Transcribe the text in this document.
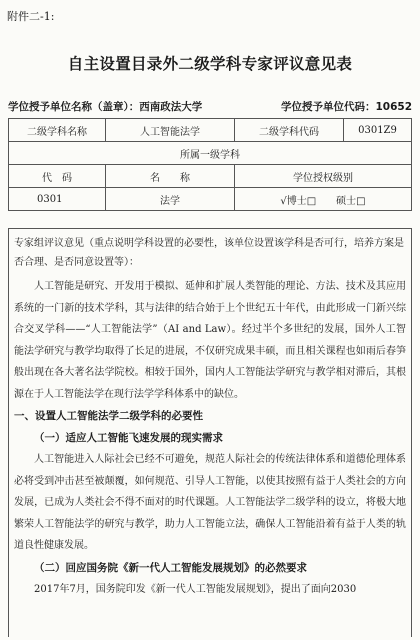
附件二-1:
自主设置目录外二级学科专家评议意见表
学位授予单位名称（盖章）：西南政法大学	学位授予单位代码：10652
二级学科名称	人工智能法学	二级学科代码	0301Z9
所属一级学科			
代　码	名　　称	学位授权级别	
0301	法学	√博士□　　硕士□	
专家组评议意见（重点说明学科设置的必要性，该单位设置该学科是否可行，培养方案是否合理、是否同意设置等）：
人工智能是研究、开发用于模拟、延伸和扩展人类智能的理论、方法、技术及其应用系统的一门新的技术学科，其与法律的结合始于上个世纪五十年代，由此形成一门新兴综合交叉学科——“人工智能法学”（AI and Law）。经过半个多世纪的发展，国外人工智能法学研究与教学均取得了长足的进展，不仅研究成果丰硕，而且相关课程也如雨后春笋般出现在各大著名法学院校。相较于国外，国内人工智能法学研究与教学相对滞后，其根源在于人工智能法学在现行法学学科体系中的缺位。
一、设置人工智能法学二级学科的必要性
（一）适应人工智能飞速发展的现实需求
人工智能进入人际社会已经不可避免，规范人际社会的传统法律体系和道德伦理体系必将受到冲击甚至被颠覆，如何规范、引导人工智能，以使其按照有益于人类社会的方向发展，已成为人类社会不得不面对的时代课题。人工智能法学二级学科的设立，将极大地繁荣人工智能法学的研究与教学，助力人工智能立法，确保人工智能沿着有益于人类的轨道良性健康发展。
（二）回应国务院《新一代人工智能发展规划》的必然要求
2017年7月，国务院印发《新一代人工智能发展规划》，提出了面向2030
